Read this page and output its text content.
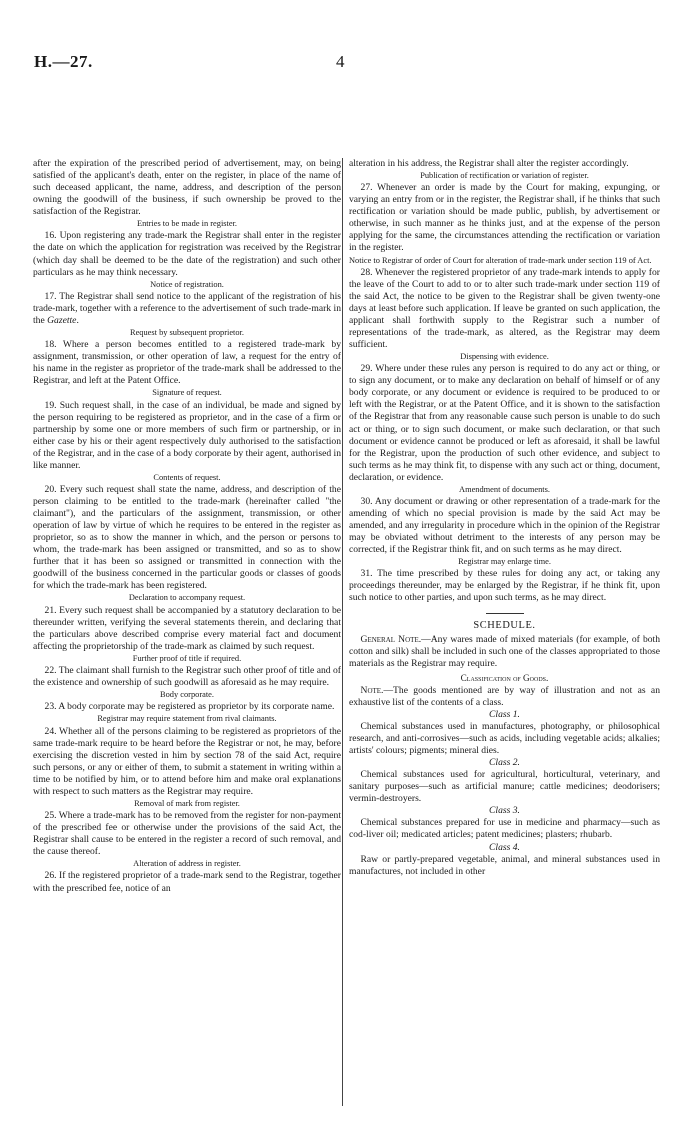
H.—27.	4

after the expiration of the prescribed period of advertisement, may, on being satisfied of the applicant's death, enter on the register, in place of the name of such deceased applicant, the name, address, and description of the person owning the goodwill of the business, if such ownership be proved to the satisfaction of the Registrar.

Entries to be made in register.

16. Upon registering any trade-mark the Registrar shall enter in the register the date on which the application for registration was received by the Registrar (which day shall be deemed to be the date of the registration) and such other particulars as he may think necessary.

Notice of registration.

17. The Registrar shall send notice to the applicant of the registration of his trade-mark, together with a reference to the advertisement of such trade-mark in the Gazette.

Request by subsequent proprietor.

18. Where a person becomes entitled to a registered trade-mark by assignment, transmission, or other operation of law, a request for the entry of his name in the register as proprietor of the trade-mark shall be addressed to the Registrar, and left at the Patent Office.

Signature of request.

19. Such request shall, in the case of an individual, be made and signed by the person requiring to be registered as proprietor, and in the case of a firm or partnership by some one or more members of such firm or partnership, or in either case by his or their agent respectively duly authorised to the satisfaction of the Registrar, and in the case of a body corporate by their agent, authorised in like manner.

Contents of request.

20. Every such request shall state the name, address, and description of the person claiming to be entitled to the trade-mark (hereinafter called "the claimant"), and the particulars of the assignment, transmission, or other operation of law by virtue of which he requires to be entered in the register as proprietor, so as to show the manner in which, and the person or persons to whom, the trade-mark has been assigned or transmitted, and so as to show further that it has been so assigned or transmitted in connection with the goodwill of the business concerned in the particular goods or classes of goods for which the trade-mark has been registered.

Declaration to accompany request.

21. Every such request shall be accompanied by a statutory declaration to be thereunder written, verifying the several statements therein, and declaring that the particulars above described comprise every material fact and document affecting the proprietorship of the trade-mark as claimed by such request.

Further proof of title if required.

22. The claimant shall furnish to the Registrar such other proof of title and of the existence and ownership of such goodwill as aforesaid as he may require.

Body corporate.

23. A body corporate may be registered as proprietor by its corporate name.

Registrar may require statement from rival claimants.

24. Whether all of the persons claiming to be registered as proprietors of the same trade-mark require to be heard before the Registrar or not, he may, before exercising the discretion vested in him by section 78 of the said Act, require such persons, or any or either of them, to submit a statement in writing within a time to be notified by him, or to attend before him and make oral explanations with respect to such matters as the Registrar may require.

Removal of mark from register.

25. Where a trade-mark has to be removed from the register for non-payment of the prescribed fee or otherwise under the provisions of the said Act, the Registrar shall cause to be entered in the register a record of such removal, and the cause thereof.

Alteration of address in register.

26. If the registered proprietor of a trade-mark send to the Registrar, together with the prescribed fee, notice of an

alteration in his address, the Registrar shall alter the register accordingly.

Publication of rectification or variation of register.

27. Whenever an order is made by the Court for making, expunging, or varying an entry from or in the register, the Registrar shall, if he thinks that such rectification or variation should be made public, publish, by advertisement or otherwise, in such manner as he thinks just, and at the expense of the person applying for the same, the circumstances attending the rectification or variation in the register.

Notice to Registrar of order of Court for alteration of trade-mark under section 119 of Act.

28. Whenever the registered proprietor of any trade-mark intends to apply for the leave of the Court to add to or to alter such trade-mark under section 119 of the said Act, the notice to be given to the Registrar shall be given twenty-one days at least before such application. If leave be granted on such application, the applicant shall forthwith supply to the Registrar such a number of representations of the trade-mark, as altered, as the Registrar may deem sufficient.

Dispensing with evidence.

29. Where under these rules any person is required to do any act or thing, or to sign any document, or to make any declaration on behalf of himself or of any body corporate, or any document or evidence is required to be produced to or left with the Registrar, or at the Patent Office, and it is shown to the satisfaction of the Registrar that from any reasonable cause such person is unable to do such act or thing, or to sign such document, or make such declaration, or that such document or evidence cannot be produced or left as aforesaid, it shall be lawful for the Registrar, upon the production of such other evidence, and subject to such terms as he may think fit, to dispense with any such act or thing, document, declaration, or evidence.

Amendment of documents.

30. Any document or drawing or other representation of a trade-mark for the amending of which no special provision is made by the said Act may be amended, and any irregularity in procedure which in the opinion of the Registrar may be obviated without detriment to the interests of any person may be corrected, if the Registrar think fit, and on such terms as he may direct.

Registrar may enlarge time.

31. The time prescribed by these rules for doing any act, or taking any proceedings thereunder, may be enlarged by the Registrar, if he think fit, upon such notice to other parties, and upon such terms, as he may direct.

SCHEDULE.

General Note.—Any wares made of mixed materials (for example, of both cotton and silk) shall be included in such one of the classes appropriated to those materials as the Registrar may require.

Classification of Goods.

Note.—The goods mentioned are by way of illustration and not as an exhaustive list of the contents of a class.

Class 1.

Chemical substances used in manufactures, photography, or philosophical research, and anti-corrosives—such as acids, including vegetable acids; alkalies; artists' colours; pigments; mineral dies.

Class 2.

Chemical substances used for agricultural, horticultural, veterinary, and sanitary purposes—such as artificial manure; cattle medicines; deodorisers; vermin-destroyers.

Class 3.

Chemical substances prepared for use in medicine and pharmacy—such as cod-liver oil; medicated articles; patent medicines; plasters; rhubarb.

Class 4.

Raw or partly-prepared vegetable, animal, and mineral substances used in manufactures, not included in other
